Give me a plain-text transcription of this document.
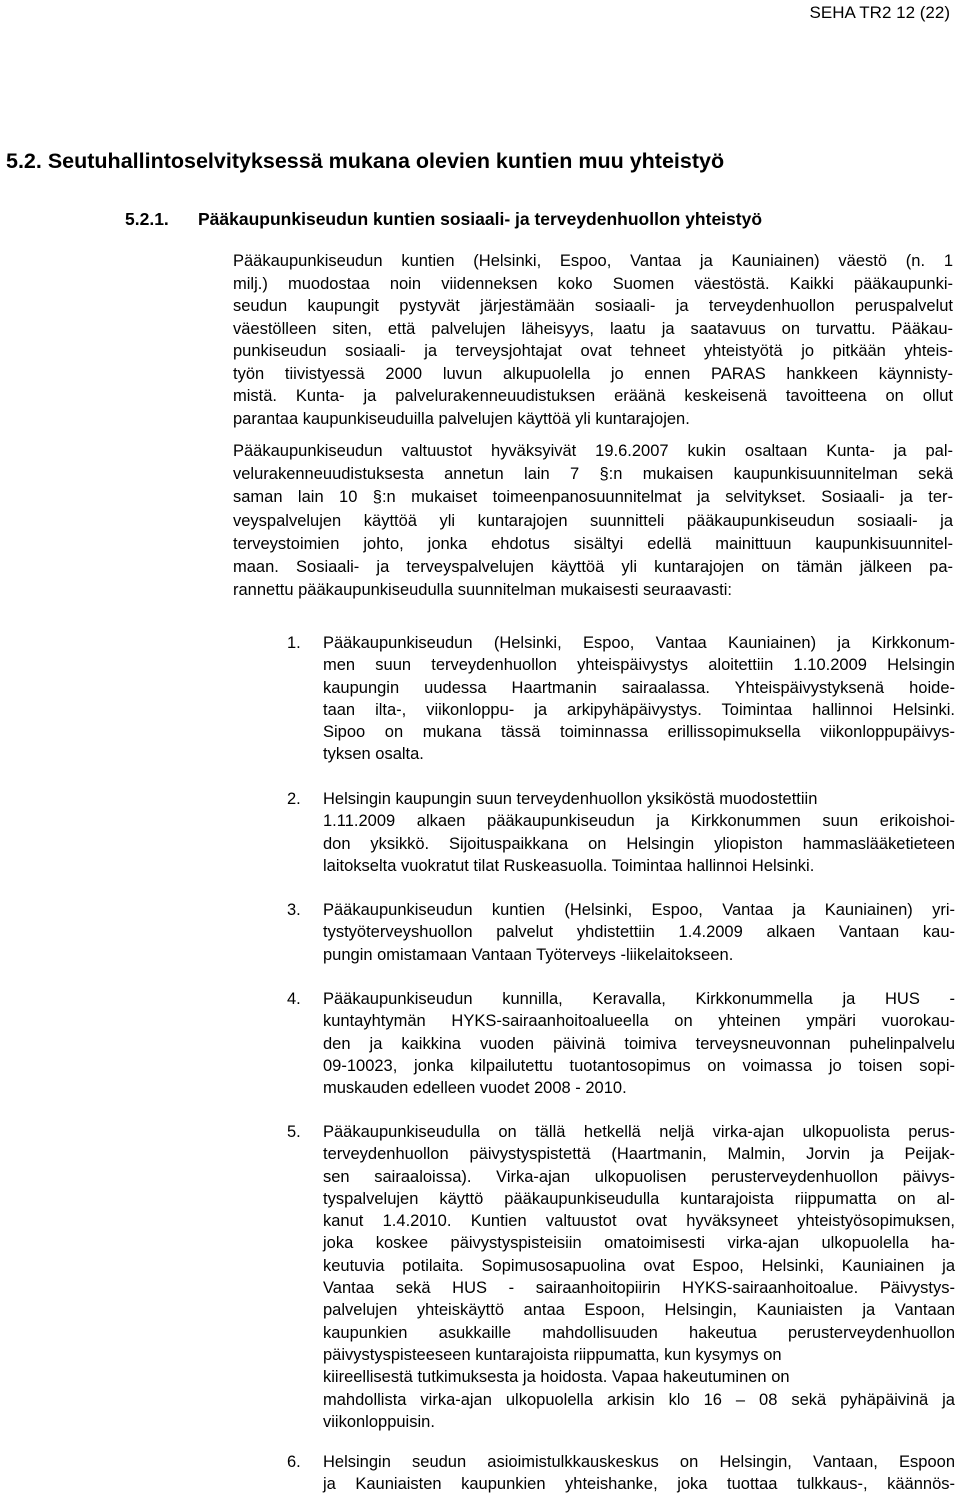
SEHA TR2 12 (22)
5.2. Seutuhallintoselvityksessä mukana olevien kuntien muu yhteistyö
5.2.1. Pääkaupunkiseudun kuntien sosiaali- ja terveydenhuollon yhteistyö
Pääkaupunkiseudun kuntien (Helsinki, Espoo, Vantaa ja Kauniainen) väestö (n. 1
milj.) muodostaa noin viidenneksen koko Suomen väestöstä. Kaikki pääkaupunki-
seudun kaupungit pystyvät järjestämään sosiaali- ja terveydenhuollon peruspalvelut
väestölleen siten, että palvelujen läheisyys, laatu ja saatavuus on turvattu. Pääkau-
punkiseudun sosiaali- ja terveysjohtajat ovat tehneet yhteistyötä jo pitkään yhteis-
työn tiivistyessä 2000 luvun alkupuolella jo ennen PARAS hankkeen käynnisty-
mistä. Kunta- ja palvelurakenneuudistuksen eräänä keskeisenä tavoitteena on ollut
parantaa kaupunkiseuduilla palvelujen käyttöä yli kuntarajojen.
Pääkaupunkiseudun valtuustot hyväksyivät 19.6.2007 kukin osaltaan Kunta- ja pal-
velurakenneuudistuksesta annetun lain 7 §:n mukaisen kaupunkisuunnitelman sekä
saman lain 10 §:n mukaiset toimeenpanosuunnitelmat ja selvitykset. Sosiaali- ja ter-
veyspalvelujen käyttöä yli kuntarajojen suunnitteli pääkaupunkiseudun sosiaali- ja
terveystoimien johto, jonka ehdotus sisältyi edellä mainittuun kaupunkisuunnitel-
maan. Sosiaali- ja terveyspalvelujen käyttöä yli kuntarajojen on tämän jälkeen pa-
rannettu pääkaupunkiseudulla suunnitelman mukaisesti seuraavasti:
1.	Pääkaupunkiseudun (Helsinki, Espoo, Vantaa Kauniainen) ja Kirkkonum-
men suun terveydenhuollon yhteispäivystys aloitettiin 1.10.2009 Helsingin
kaupungin uudessa Haartmanin sairaalassa. Yhteispäivystyksenä hoide-
taan ilta-, viikonloppu- ja arkipyhäpäivystys. Toimintaa hallinnoi Helsinki.
Sipoo on mukana tässä toiminnassa erillissopimuksella viikonloppupäivys-
tyksen osalta.
2.	Helsingin kaupungin suun terveydenhuollon yksiköstä muodostettiin
1.11.2009 alkaen pääkaupunkiseudun ja Kirkkonummen suun erikoishoi-
don yksikkö. Sijoituspaikkana on Helsingin yliopiston hammaslääketieteen
laitokselta vuokratut tilat Ruskeasuolla. Toimintaa hallinnoi Helsinki.
3.	Pääkaupunkiseudun kuntien (Helsinki, Espoo, Vantaa ja Kauniainen) yri-
tystyöterveyshuollon palvelut yhdistettiin 1.4.2009 alkaen Vantaan kau-
pungin omistamaan Vantaan Työterveys -liikelaitokseen.
4.	Pääkaupunkiseudun kunnilla, Keravalla, Kirkkonummella ja HUS -
kuntayhtymän HYKS-sairaanhoitoalueella on yhteinen ympäri vuorokau-
den ja kaikkina vuoden päivinä toimiva terveysneuvonnan puhelinpalvelu
09-10023, jonka kilpailutettu tuotantosopimus on voimassa jo toisen sopi-
muskauden edelleen vuodet 2008 - 2010.
5.	Pääkaupunkiseudulla on tällä hetkellä neljä virka-ajan ulkopuolista perus-
terveydenhuollon päivystyspistettä (Haartmanin, Malmin, Jorvin ja Peijak-
sen sairaaloissa). Virka-ajan ulkopuolisen perusterveydenhuollon päivys-
tyspalvelujen käyttö pääkaupunkiseudulla kuntarajoista riippumatta on al-
kanut 1.4.2010. Kuntien valtuustot ovat hyväksyneet yhteistyösopimuksen,
joka koskee päivystyspisteisiin omatoimisesti virka-ajan ulkopuolella ha-
keutuvia potilaita. Sopimusosapuolina ovat Espoo, Helsinki, Kauniainen ja
Vantaa sekä HUS - sairaanhoitopiirin HYKS-sairaanhoitoalue. Päivystys-
palvelujen yhteiskäyttö antaa Espoon, Helsingin, Kauniaisten ja Vantaan
kaupunkien asukkaille mahdollisuuden hakeutua perusterveydenhuollon
päivystyspisteeseen kuntarajoista riippumatta, kun kysymys on
kiireellisestä tutkimuksesta ja hoidosta. Vapaa hakeutuminen on
mahdollista virka-ajan ulkopuolella arkisin klo 16 – 08 sekä pyhäpäivinä ja
viikonloppuisin.
6.	Helsingin seudun asioimistulkkauskeskus on Helsingin, Vantaan, Espoon
ja Kauniaisten kaupunkien yhteishanke, joka tuottaa tulkkaus-, käännös-
